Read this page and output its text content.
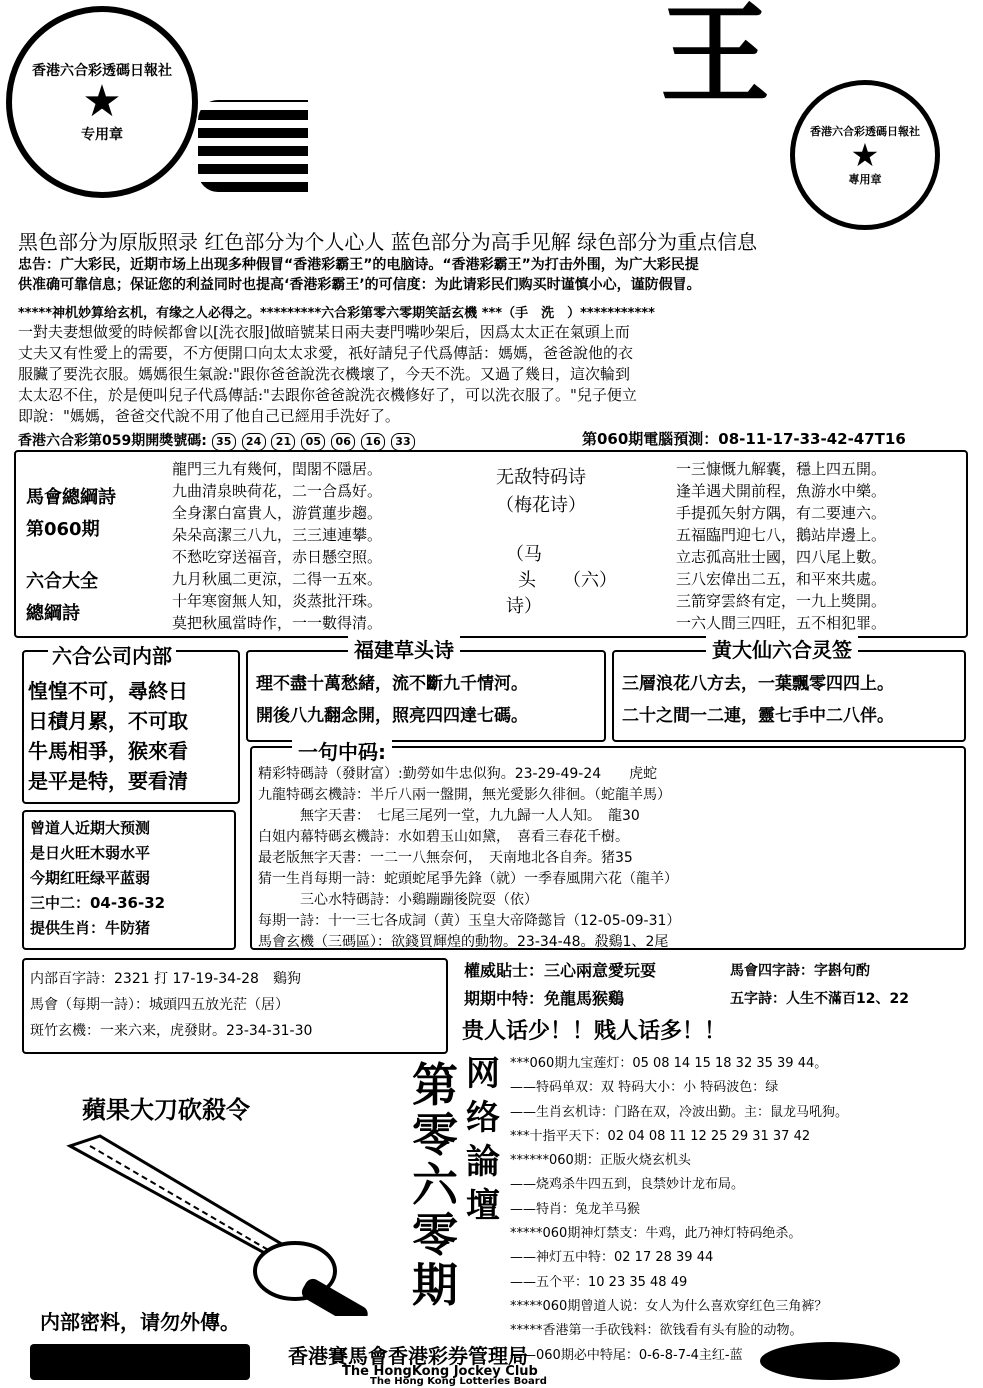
香港六合彩透碼日報社
★
专用章
王
香港六合彩透碼日報社
★
專用章
黑色部分为原版照录 红色部分为个人心人 蓝色部分为高手见解 绿色部分为重点信息
忠告：广大彩民，近期市场上出现多种假冒“香港彩霸王”的电脑诗。“香港彩霸王”为打击外围，为广大彩民提
供准确可靠信息；保证您的利益同时也提高‘香港彩霸王’的可信度：为此请彩民们购买时谨慎小心，谨防假冒。
*****神机妙算给玄机，有缘之人必得之。*********六合彩第零六零期笑話玄機 ***（手　洗　）***********
一對夫妻想做愛的時候都會以[洗衣服]做暗號某日兩夫妻門嘴吵架后，因爲太太正在氣頭上而
丈夫又有性愛上的需要，不方便開口向太太求愛，祇好請兒子代爲傳話：媽媽，爸爸說他的衣
服臟了要洗衣服。媽媽很生氣說:"跟你爸爸說洗衣機壞了，今天不洗。又過了幾日，這次輪到
太太忍不住，於是便叫兒子代爲傳話:"去跟你爸爸說洗衣機修好了，可以洗衣服了。"兒子便立
即說："媽媽，爸爸交代說不用了他自己已經用手洗好了。
香港六合彩第059期開獎號碼: 35 24 21 05 06 16 33	第060期電腦預測：08-11-17-33-42-47T16
馬會總綱詩
第060期
六合大全
總綱詩
龍門三九有幾何，閏閣不隱居。
九曲清泉映荷花，二一合爲好。
全身潔白富貴人，游賞蓮步趨。
朵朵高潔三八九，三三連連攀。
不愁吃穿送福音，赤日懸空照。
九月秋風二更涼，二得一五來。
十年寒窗無人知，炎蒸批汗珠。
莫把秋風當時作，一一數得清。
无敌特码诗
（梅花诗）
（马
头　　 （六）
诗）
一三慷慨九解囊，穩上四五開。
逢羊遇犬開前程，魚游水中樂。
手提孤矢射方隅，有二要連六。
五福臨門迎七八，鵝站岸邊上。
立志孤高壯士國，四八尾上數。
三八宏偉出二五，和平來共處。
三箭穿雲終有定，一九上獎開。
一六人間三四旺，五不相犯罪。
六合公司内部
惶惶不可，尋終日
日積月累，不可取
牛馬相爭，猴來看
是平是特，要看清
福建草头诗
理不盡十萬愁緒，流不斷九千情河。
開後八九翻念開，照亮四四達七碼。
黄大仙六合灵签
三層浪花八方去，一葉飄零四四上。
二十之間一二連，靈七手中二八伴。
一句中码:
精彩特碼詩（發財富）:勤勞如牛忠似狗。23-29-49-24　　虎蛇
九龍特碼玄機詩：半斤八兩一盤開，無光愛影久徘徊。（蛇龍羊馬）
　　　無字天書：　七尾三尾列一堂，九九歸一人人知。　龍30
白姐内幕特碼玄機詩：水如碧玉山如黛，　喜看三春花千樹。
最老版無字天書：一二一八無奈何，　天南地北各自奔。猪35
猜一生肖每期一詩：蛇頭蛇尾爭先鋒（就）一季春風開六花（龍羊）
　　　三心水特碼詩：小鷄蹦蹦後院耍（依）
每期一詩：十一三七各成詞（黄）玉皇大帝降懿旨（12-05-09-31）
馬會玄機（三碼區）：欲錢買輝煌的動物。23-34-48。殺鷄1、2尾
曾道人近期大预测
是日火旺木弱水平
今期红旺绿平蓝弱
三中二：04-36-32
提供生肖：牛防猪
内部百字詩：2321 打 17-19-34-28　鷄狗
馬會（每期一詩）：城頭四五放光茫（居）
斑竹玄機：一来六来，虎發財。23-34-31-30
權威貼士：三心兩意愛玩耍	馬會四字詩：字斟句酌
期期中特：免龍馬猴鷄	五字詩：人生不滿百12、22
贵人话少！！贱人话多！！
蘋果大刀砍殺令
内部密料，请勿外傳。
第零六零期
网络論壇
***060期九宝莲灯：05 08 14 15 18 32 35 39 44。
——特码单双：双 特码大小：小 特码波色：绿
——生肖玄机诗：门路在双，冷波出勤。主：鼠龙马吼狗。
***十指平天下：02 04 08 11 12 25 29 31 37 42
******060期：正版火烧玄机头
——烧鸡杀牛四五到，良禁妙计龙布局。
——特肖：兔龙羊马猴
*****060期神灯禁支：牛鸡，此乃神灯特码绝杀。
——神灯五中特：02 17 28 39 44
——五个平：10 23 35 48 49
*****060期曾道人说：女人为什么喜欢穿红色三角裤？
*****香港第一手砍钱料：欲钱看有头有脸的动物。
——060期必中特尾：0-6-8-7-4主红-蓝
香港賽馬會香港彩券管理局
The HongKong Jockey Club
The Hong Kong Lotteries Board
